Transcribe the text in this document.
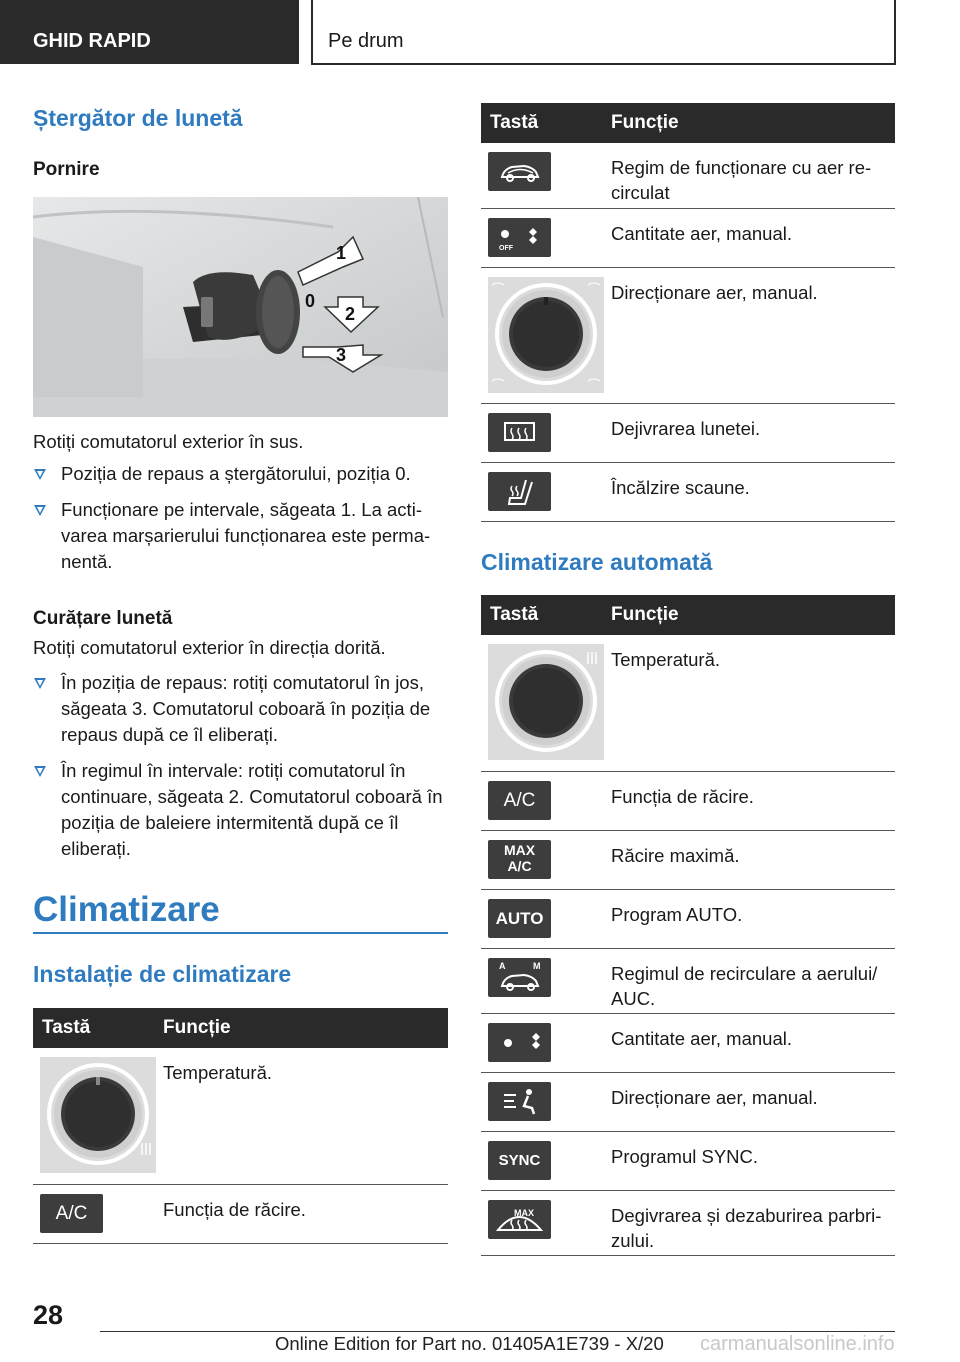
GHID RAPID	Pe drum
Ștergător de lunetă
Pornire
1
0
2
3
Rotiți comutatorul exterior în sus.
Poziția de repaus a ștergătorului, poziția 0.
Funcționare pe intervale, săgeata 1. La activarea marșarierului funcționarea este permanentă.
Curățare lunetă
Rotiți comutatorul exterior în direcția dorită.
În poziția de repaus: rotiți comutatorul în jos, săgeata 3. Comutatorul coboară în poziția de repaus după ce îl eliberați.
În regimul în intervale: rotiți comutatorul în continuare, săgeata 2. Comutatorul coboară în poziția de baleiere intermitentă după ce îl eliberați.
Climatizare
Instalație de climatizare
Tastă	Funcție

	Temperatură.

A/C	Funcția de răcire.
Tastă	Funcție

	Regim de funcționare cu aer recirculat

OFF	Cantitate aer, manual.

	Direcționare aer, manual.

	Dejivrarea lunetei.

	Încălzire scaune.
Climatizare automată
Tastă	Funcție

	Temperatură.

A/C	Funcția de răcire.

MAX
A/C	Răcire maximă.

AUTO	Program AUTO.

A M	Regimul de recirculare a aerului/ AUC.

	Cantitate aer, manual.

	Direcționare aer, manual.

SYNC	Programul SYNC.

MAX	Degivrarea și dezaburirea parbrizului.
28
Online Edition for Part no. 01405A1E739 - X/20 carmanualsonline.info
